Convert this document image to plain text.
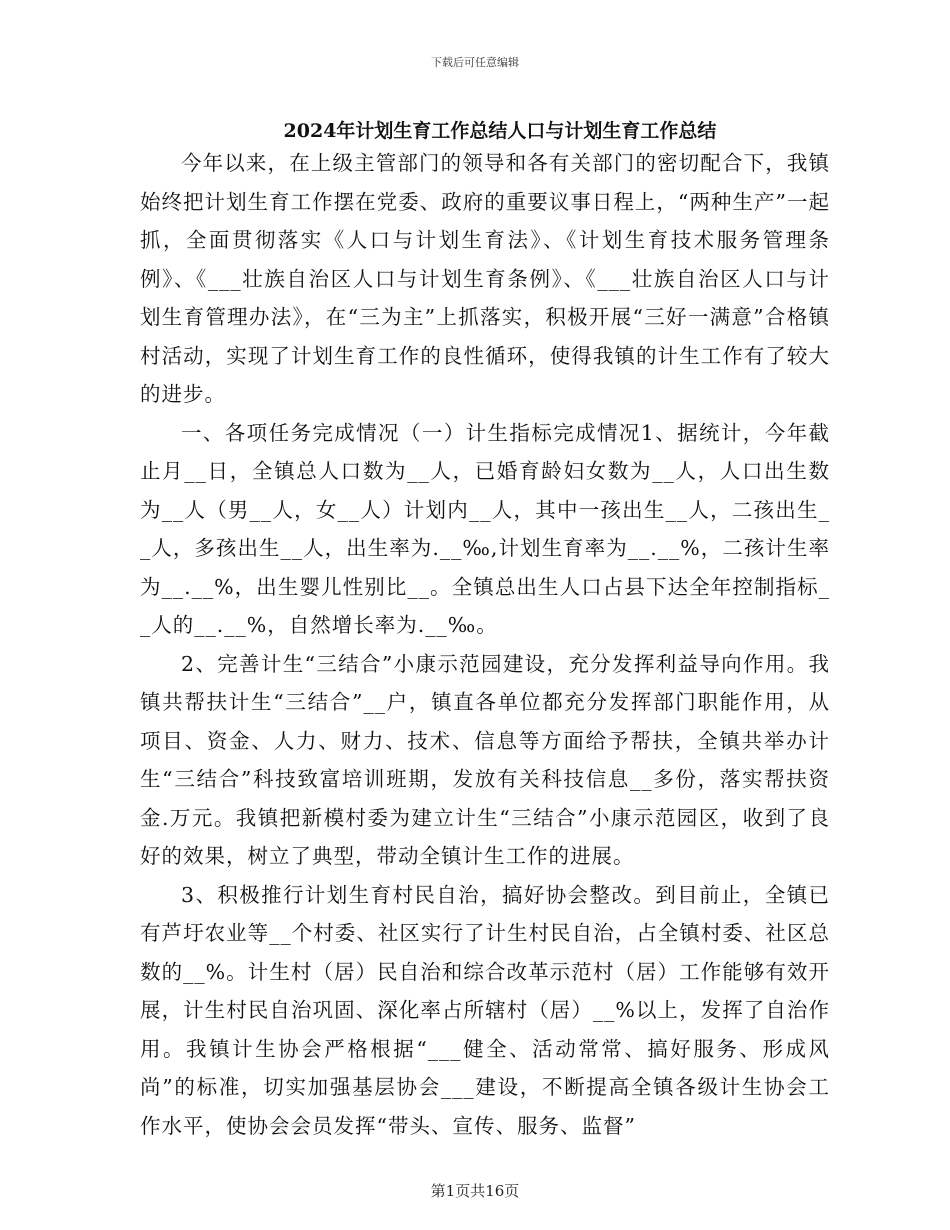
下载后可任意编辑
2024年计划生育工作总结人口与计划生育工作总结

今年以来，在上级主管部门的领导和各有关部门的密切配合下，我镇始终把计划生育工作摆在党委、政府的重要议事日程上，“两种生产”一起抓，全面贯彻落实《人口与计划生育法》、《计划生育技术服务管理条例》、《___壮族自治区人口与计划生育条例》、《___壮族自治区人口与计划生育管理办法》，在“三为主”上抓落实，积极开展“三好一满意”合格镇村活动，实现了计划生育工作的良性循环，使得我镇的计生工作有了较大的进步。

一、各项任务完成情况（一）计生指标完成情况1、据统计，今年截止月__日，全镇总人口数为__人，已婚育龄妇女数为__人，人口出生数为__人（男__人，女__人）计划内__人，其中一孩出生__人，二孩出生__人，多孩出生__人，出生率为.__‰,计划生育率为__.__%，二孩计生率为__.__%，出生婴儿性别比__。全镇总出生人口占县下达全年控制指标__人的__.__%，自然增长率为.__‰。

2、完善计生“三结合”小康示范园建设，充分发挥利益导向作用。我镇共帮扶计生“三结合”__户，镇直各单位都充分发挥部门职能作用，从项目、资金、人力、财力、技术、信息等方面给予帮扶，全镇共举办计生“三结合”科技致富培训班期，发放有关科技信息__多份，落实帮扶资金.万元。我镇把新模村委为建立计生“三结合”小康示范园区，收到了良好的效果，树立了典型，带动全镇计生工作的进展。

3、积极推行计划生育村民自治，搞好协会整改。到目前止，全镇已有芦圩农业等__个村委、社区实行了计生村民自治，占全镇村委、社区总数的__%。计生村（居）民自治和综合改革示范村（居）工作能够有效开展，计生村民自治巩固、深化率占所辖村（居）__%以上，发挥了自治作用。我镇计生协会严格根据“___健全、活动常常、搞好服务、形成风尚”的标准，切实加强基层协会___建设，不断提高全镇各级计生协会工作水平，使协会会员发挥“带头、宣传、服务、监督”

第1页共16页
